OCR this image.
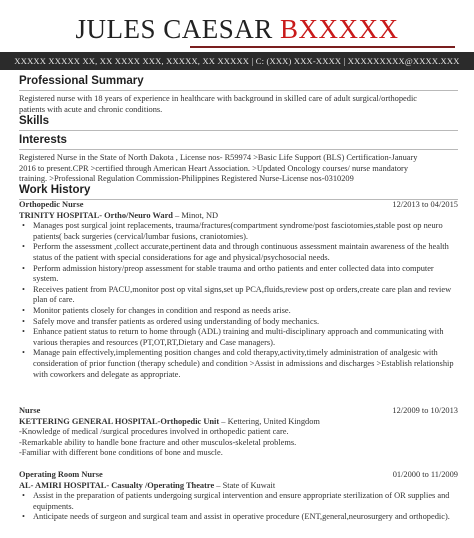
JULES CAESAR BXXXXX
XXXXX XXXXX XX, XX XXXX XXX, XXXXX, XX XXXXX | C: (XXX) XXX-XXXX | XXXXXXXXX@XXXX.XXX
Professional Summary
Registered nurse with 18 years of experience in healthcare with background in skilled care of adult surgical/orthopedic
patients with acute and chronic conditions.
Skills
Interests
Registered Nurse in the State of North Dakota , License nos- R59974 >Basic Life Support (BLS) Certification-January
2016 to present.CPR >certified through American Heart Association. >Updated Oncology courses/ nurse mandatory
training. >Professional Regulation Commission-Philippines Registered Nurse-License nos-0310209
Work History
Orthopedic Nurse	12/2013 to 04/2015
TRINITY HOSPITAL- Ortho/Neuro Ward – Minot, ND
• Manages post surgical joint replacements, trauma/fractures(compartment syndrome/post fasciotomies,stable post op neuro patients( back surgeries (cervical/lumbar fusions, craniotomies).
• Perform the assessment ,collect accurate,pertinent data and through continuous assessment maintain awareness of the health status of the patient with special considerations for age and physical/psychosocial needs.
• Perform admission history/preop assessment for stable trauma and ortho patients and enter collected data into computer system.
• Receives patient from PACU,monitor post op vital signs,set up PCA,fluids,review post op orders,create care plan and review plan of care.
• Monitor patients closely for changes in condition and respond as needs arise.
• Safely move and transfer patients as ordered using understanding of body mechanics.
• Enhance patient status to return to home through (ADL) training and multi-disciplinary approach and communicating with various therapies and resources (PT,OT,RT,Dietary and Case managers).
• Manage pain effectively,implementing position changes and cold therapy,activity,timely administration of analgesic with consideration of prior function (therapy schedule) and condition >Assist in admissions and discharges >Establish relationship with coworkers and delegate as appropriate.
Nurse	12/2009 to 10/2013
KETTERING GENERAL HOSPITAL-Orthopedic Unit – Kettering, United Kingdom
-Knowledge of medical /surgical procedures involved in orthopedic patient care.
-Remarkable ability to handle bone fracture and other musculos-skeletal problems.
-Familiar with different bone conditions of bone and muscle.
Operating Room Nurse	01/2000 to 11/2009
AL- AMIRI HOSPITAL- Casualty /Operating Theatre – State of Kuwait
• Assist in the preparation of patients undergoing surgical intervention and ensure appropriate sterilization of OR supplies and equipments.
• Anticipate needs of surgeon and surgical team and assist in operative procedure (ENT,general,neurosurgery and orthopedic).
